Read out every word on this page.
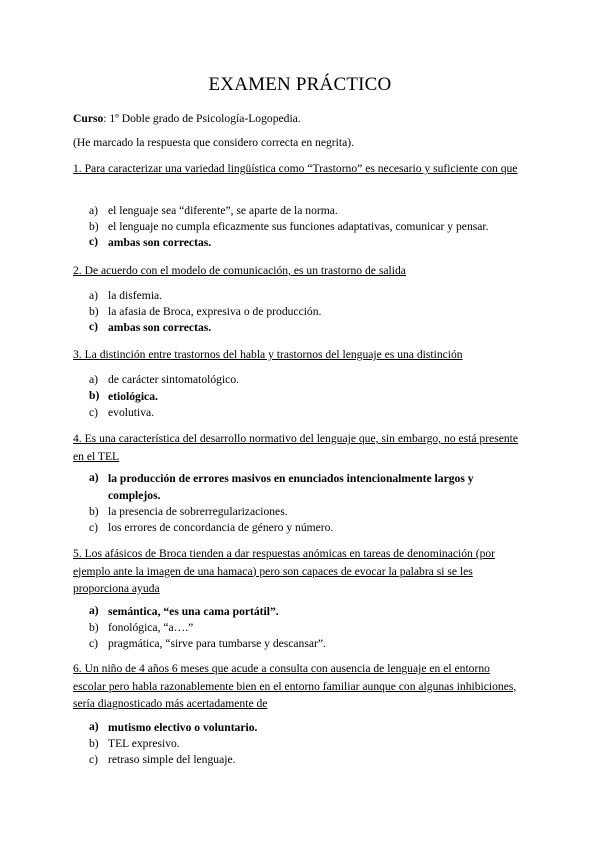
EXAMEN PRÁCTICO
Curso: 1º Doble grado de Psicología-Logopedia.
(He marcado la respuesta que considero correcta en negrita).
1. Para caracterizar una variedad lingüística como “Trastorno” es necesario y suficiente con que
a) el lenguaje sea “diferente”, se aparte de la norma.
b) el lenguaje no cumpla eficazmente sus funciones adaptativas, comunicar y pensar.
c) ambas son correctas.
2. De acuerdo con el modelo de comunicación, es un trastorno de salida
a) la disfemia.
b) la afasia de Broca, expresiva o de producción.
c) ambas son correctas.
3. La distinción entre trastornos del habla y trastornos del lenguaje es una distinción
a) de carácter sintomatológico.
b) etiológica.
c) evolutiva.
4. Es una característica del desarrollo normativo del lenguaje que, sin embargo, no está presente en el TEL
a) la producción de errores masivos en enunciados intencionalmente largos y complejos.
b) la presencia de sobrerregularizaciones.
c) los errores de concordancia de género y número.
5. Los afásicos de Broca tienden a dar respuestas anómicas en tareas de denominación (por ejemplo ante la imagen de una hamaca) pero son capaces de evocar la palabra si se les proporciona ayuda
a) semántica, “es una cama portátil”.
b) fonológica, “a….”
c) pragmática, “sirve para tumbarse y descansar”.
6. Un niño de 4 años 6 meses que acude a consulta con ausencia de lenguaje en el entorno escolar pero habla razonablemente bien en el entorno familiar aunque con algunas inhibiciones, sería diagnosticado más acertadamente de
a) mutismo electivo o voluntario.
b) TEL expresivo.
c) retraso simple del lenguaje.
